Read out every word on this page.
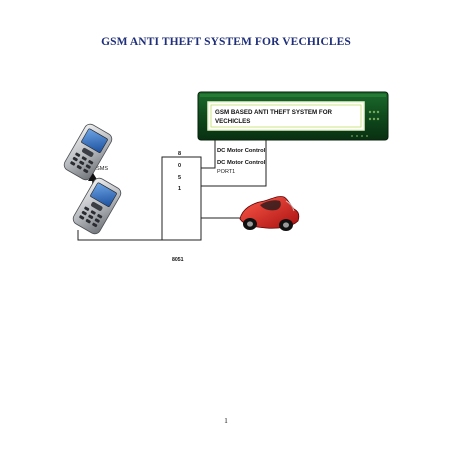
GSM ANTI THEFT SYSTEM FOR VECHICLES
GSM BASED ANTI THEFT SYSTEM FOR
VECHICLES
8
0
5
1
8051
DC Motor Control
DC Motor Control
PORT1
SMS
1
